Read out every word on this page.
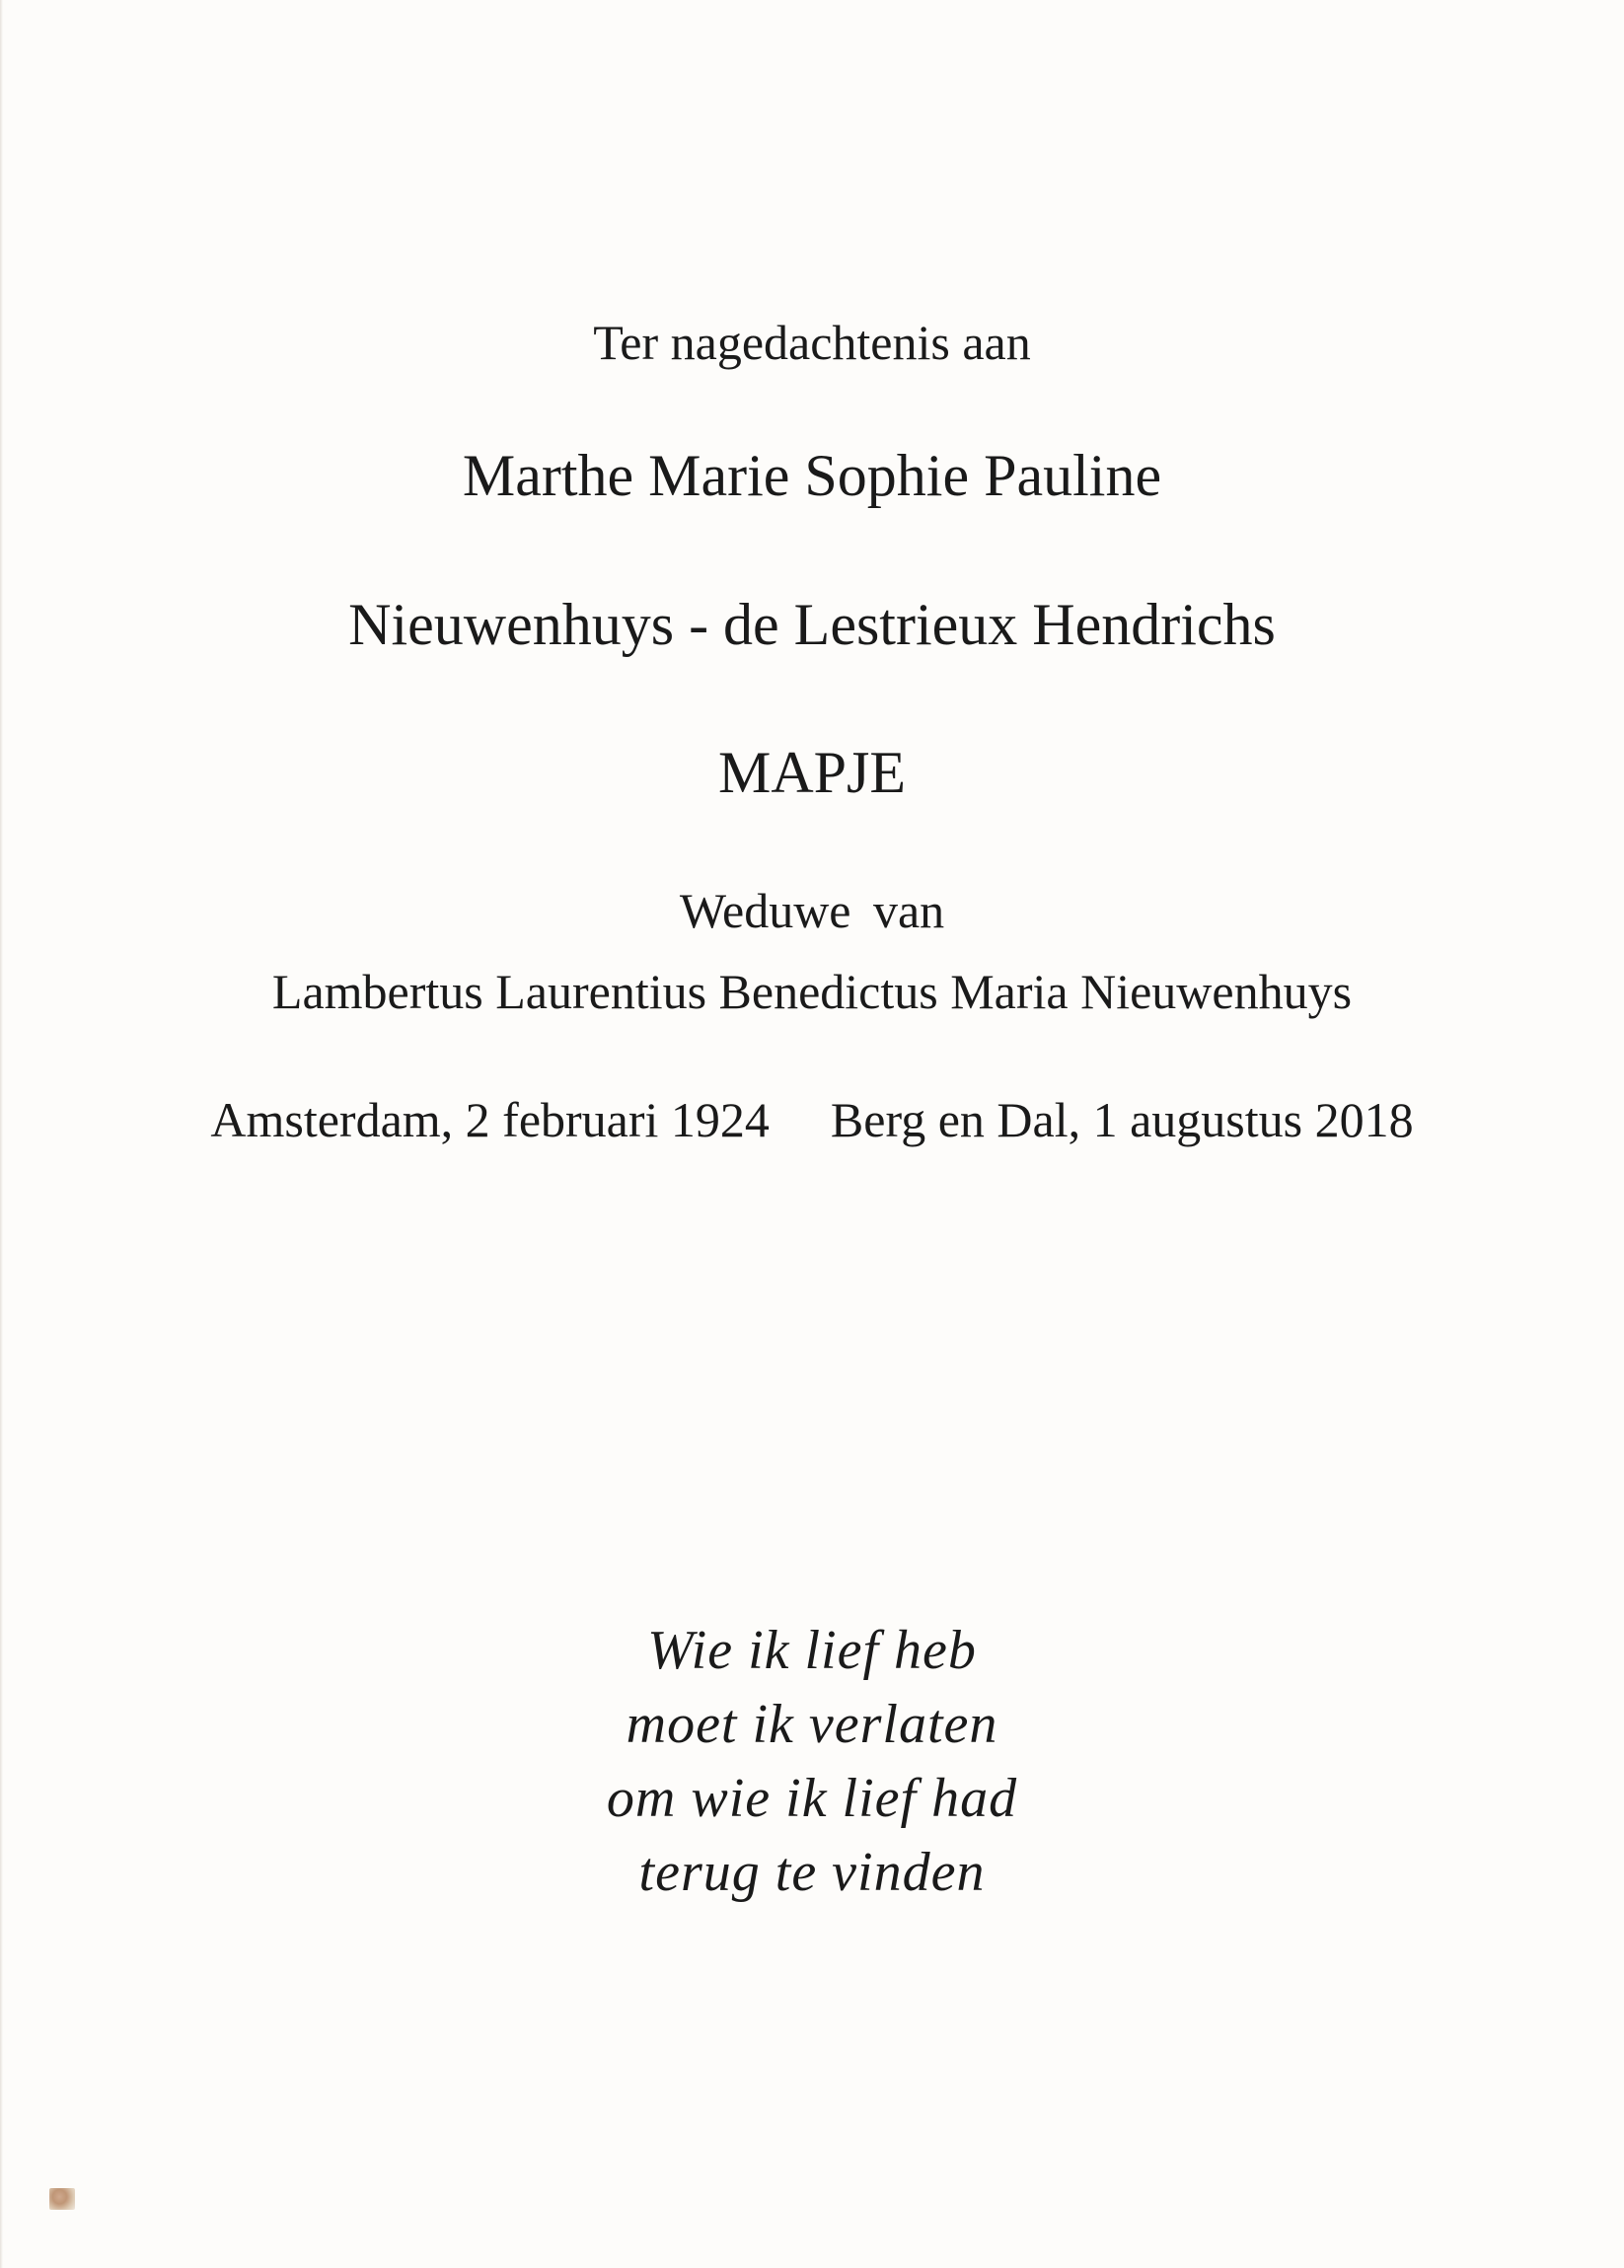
Ter nagedachtenis aan
Marthe Marie Sophie Pauline
Nieuwenhuys - de Lestrieux Hendrichs
MAPJE
Weduwe van
Lambertus Laurentius Benedictus Maria Nieuwenhuys
Amsterdam, 2 februari 1924 Berg en Dal, 1 augustus 2018
Wie ik lief heb
moet ik verlaten
om wie ik lief had
terug te vinden
